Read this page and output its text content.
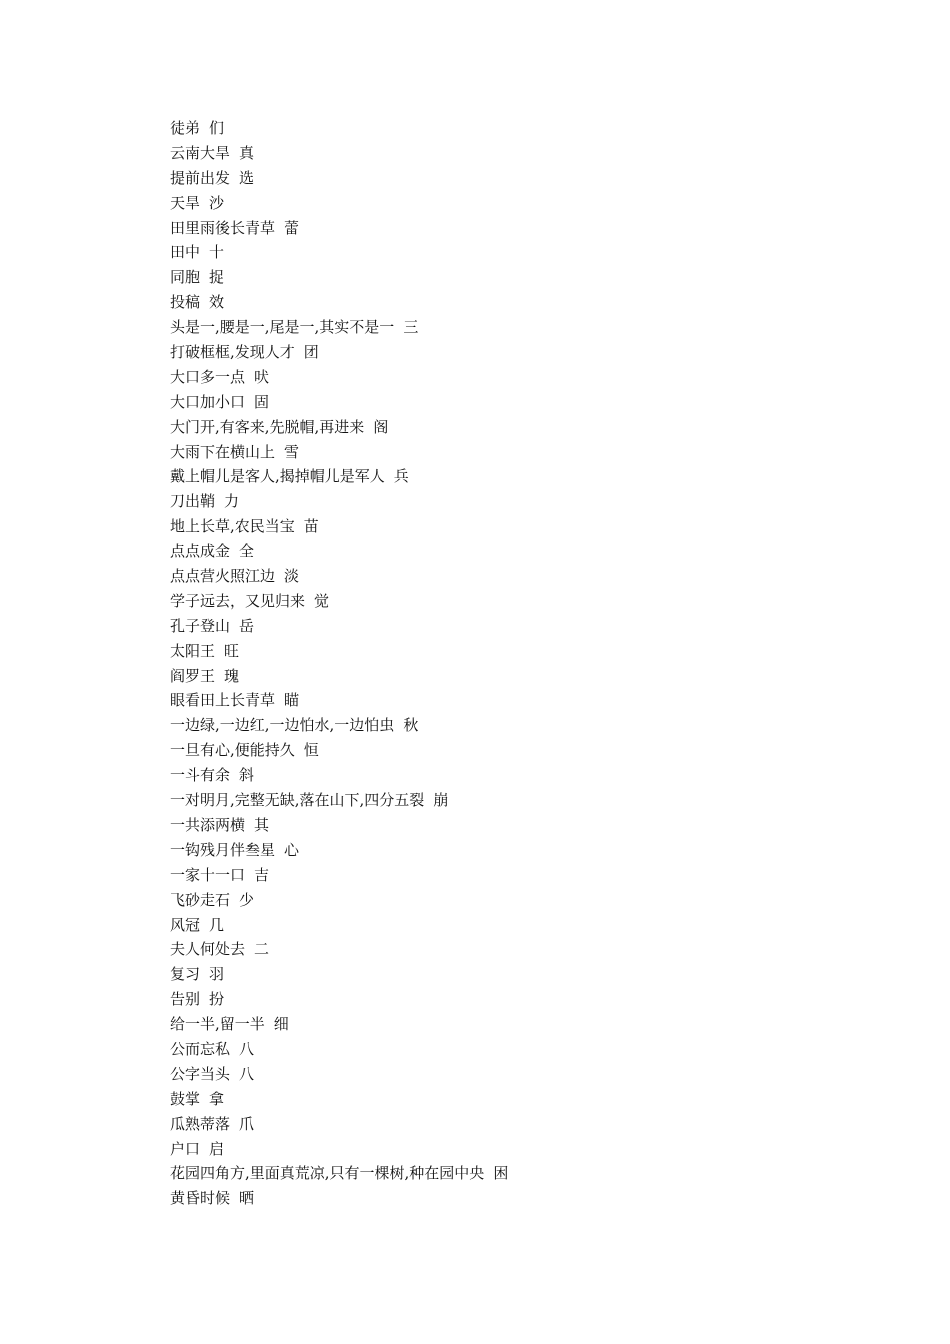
徒弟 们
云南大旱 真
提前出发 选
天旱 沙
田里雨後长青草 蕾
田中 十
同胞 捉
投稿 效
头是一,腰是一,尾是一,其实不是一 三
打破框框,发现人才 团
大口多一点 吠
大口加小口 固
大门开,有客来,先脱帽,再进来 阁
大雨下在横山上 雪
戴上帽儿是客人,揭掉帽儿是军人 兵
刀出鞘 力
地上长草,农民当宝 苗
点点成金 全
点点营火照江边 淡
学子远去，又见归来 觉
孔子登山 岳
太阳王 旺
阎罗王 瑰
眼看田上长青草 瞄
一边绿,一边红,一边怕水,一边怕虫 秋
一旦有心,便能持久 恒
一斗有余 斜
一对明月,完整无缺,落在山下,四分五裂 崩
一共添两横 其
一钩残月伴叁星 心
一家十一口 吉
飞砂走石 少
风冠 几
夫人何处去 二
复习 羽
告别 扮
给一半,留一半 细
公而忘私 八
公字当头 八
鼓掌 拿
瓜熟蒂落 爪
户口 启
花园四角方,里面真荒凉,只有一棵树,种在园中央 困
黄昏时候 晒
